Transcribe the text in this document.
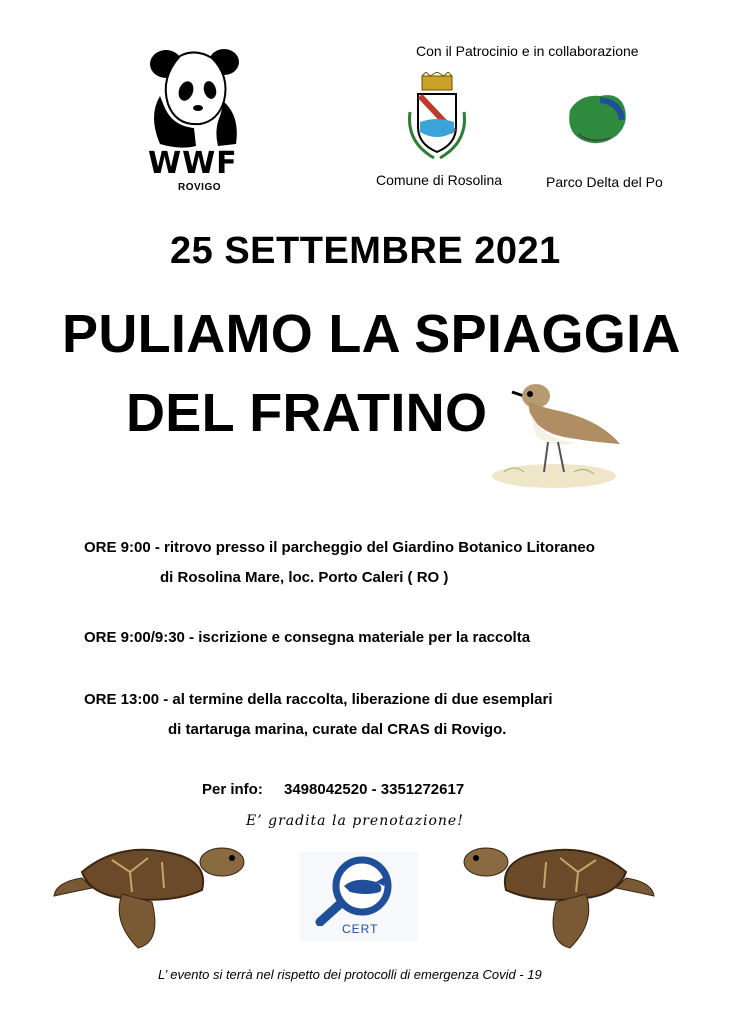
WWF
ROVIGO
Con il Patrocinio e in collaborazione
Comune di Rosolina	Parco Delta del Po
25 SETTEMBRE 2021
PULIAMO LA SPIAGGIA
DEL FRATINO
ORE 9:00 - ritrovo presso il parcheggio del Giardino Botanico Litoraneo
di Rosolina Mare, loc. Porto Caleri ( RO )
ORE 9:00/9:30 - iscrizione e consegna materiale per la raccolta
ORE 13:00 - al termine della raccolta, liberazione di due esemplari
di tartaruga marina, curate dal CRAS di Rovigo.
Per info: 3498042520 - 3351272617
E’ gradita la prenotazione!
CERT
L’ evento si terrà nel rispetto dei protocolli di emergenza Covid - 19
